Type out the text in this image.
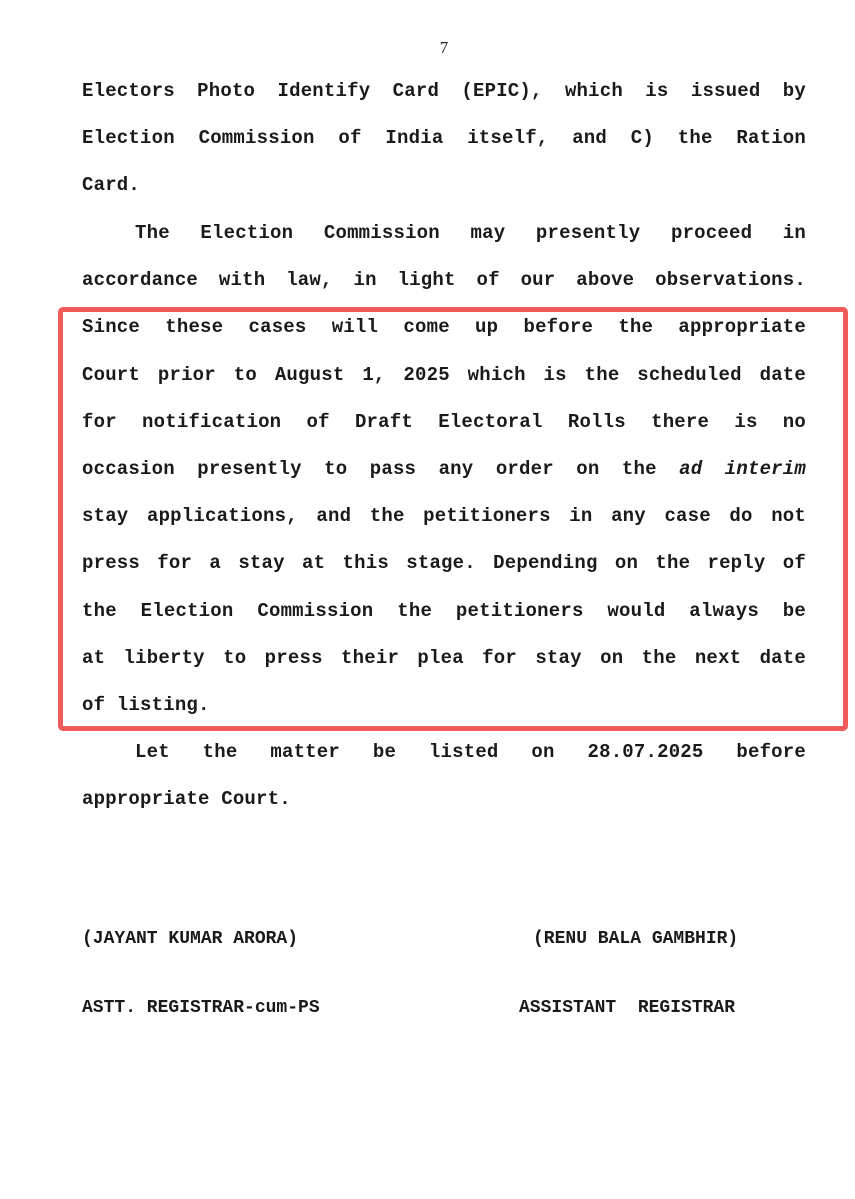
7
Electors Photo Identify Card (EPIC), which is issued by
Election Commission of India itself, and C) the Ration
Card.
The Election Commission may presently proceed in
accordance with law, in light of our above observations.
Since these cases will come up before the appropriate
Court prior to August 1, 2025 which is the scheduled date
for notification of Draft Electoral Rolls there is no
occasion presently to pass any order on the ad interim
stay applications, and the petitioners in any case do not
press for a stay at this stage. Depending on the reply of
the Election Commission the petitioners would always be
at liberty to press their plea for stay on the next date
of listing.
Let the matter be listed on 28.07.2025 before
appropriate Court.

(JAYANT KUMAR ARORA)

ASTT. REGISTRAR-cum-PS

(RENU BALA GAMBHIR)

ASSISTANT  REGISTRAR
